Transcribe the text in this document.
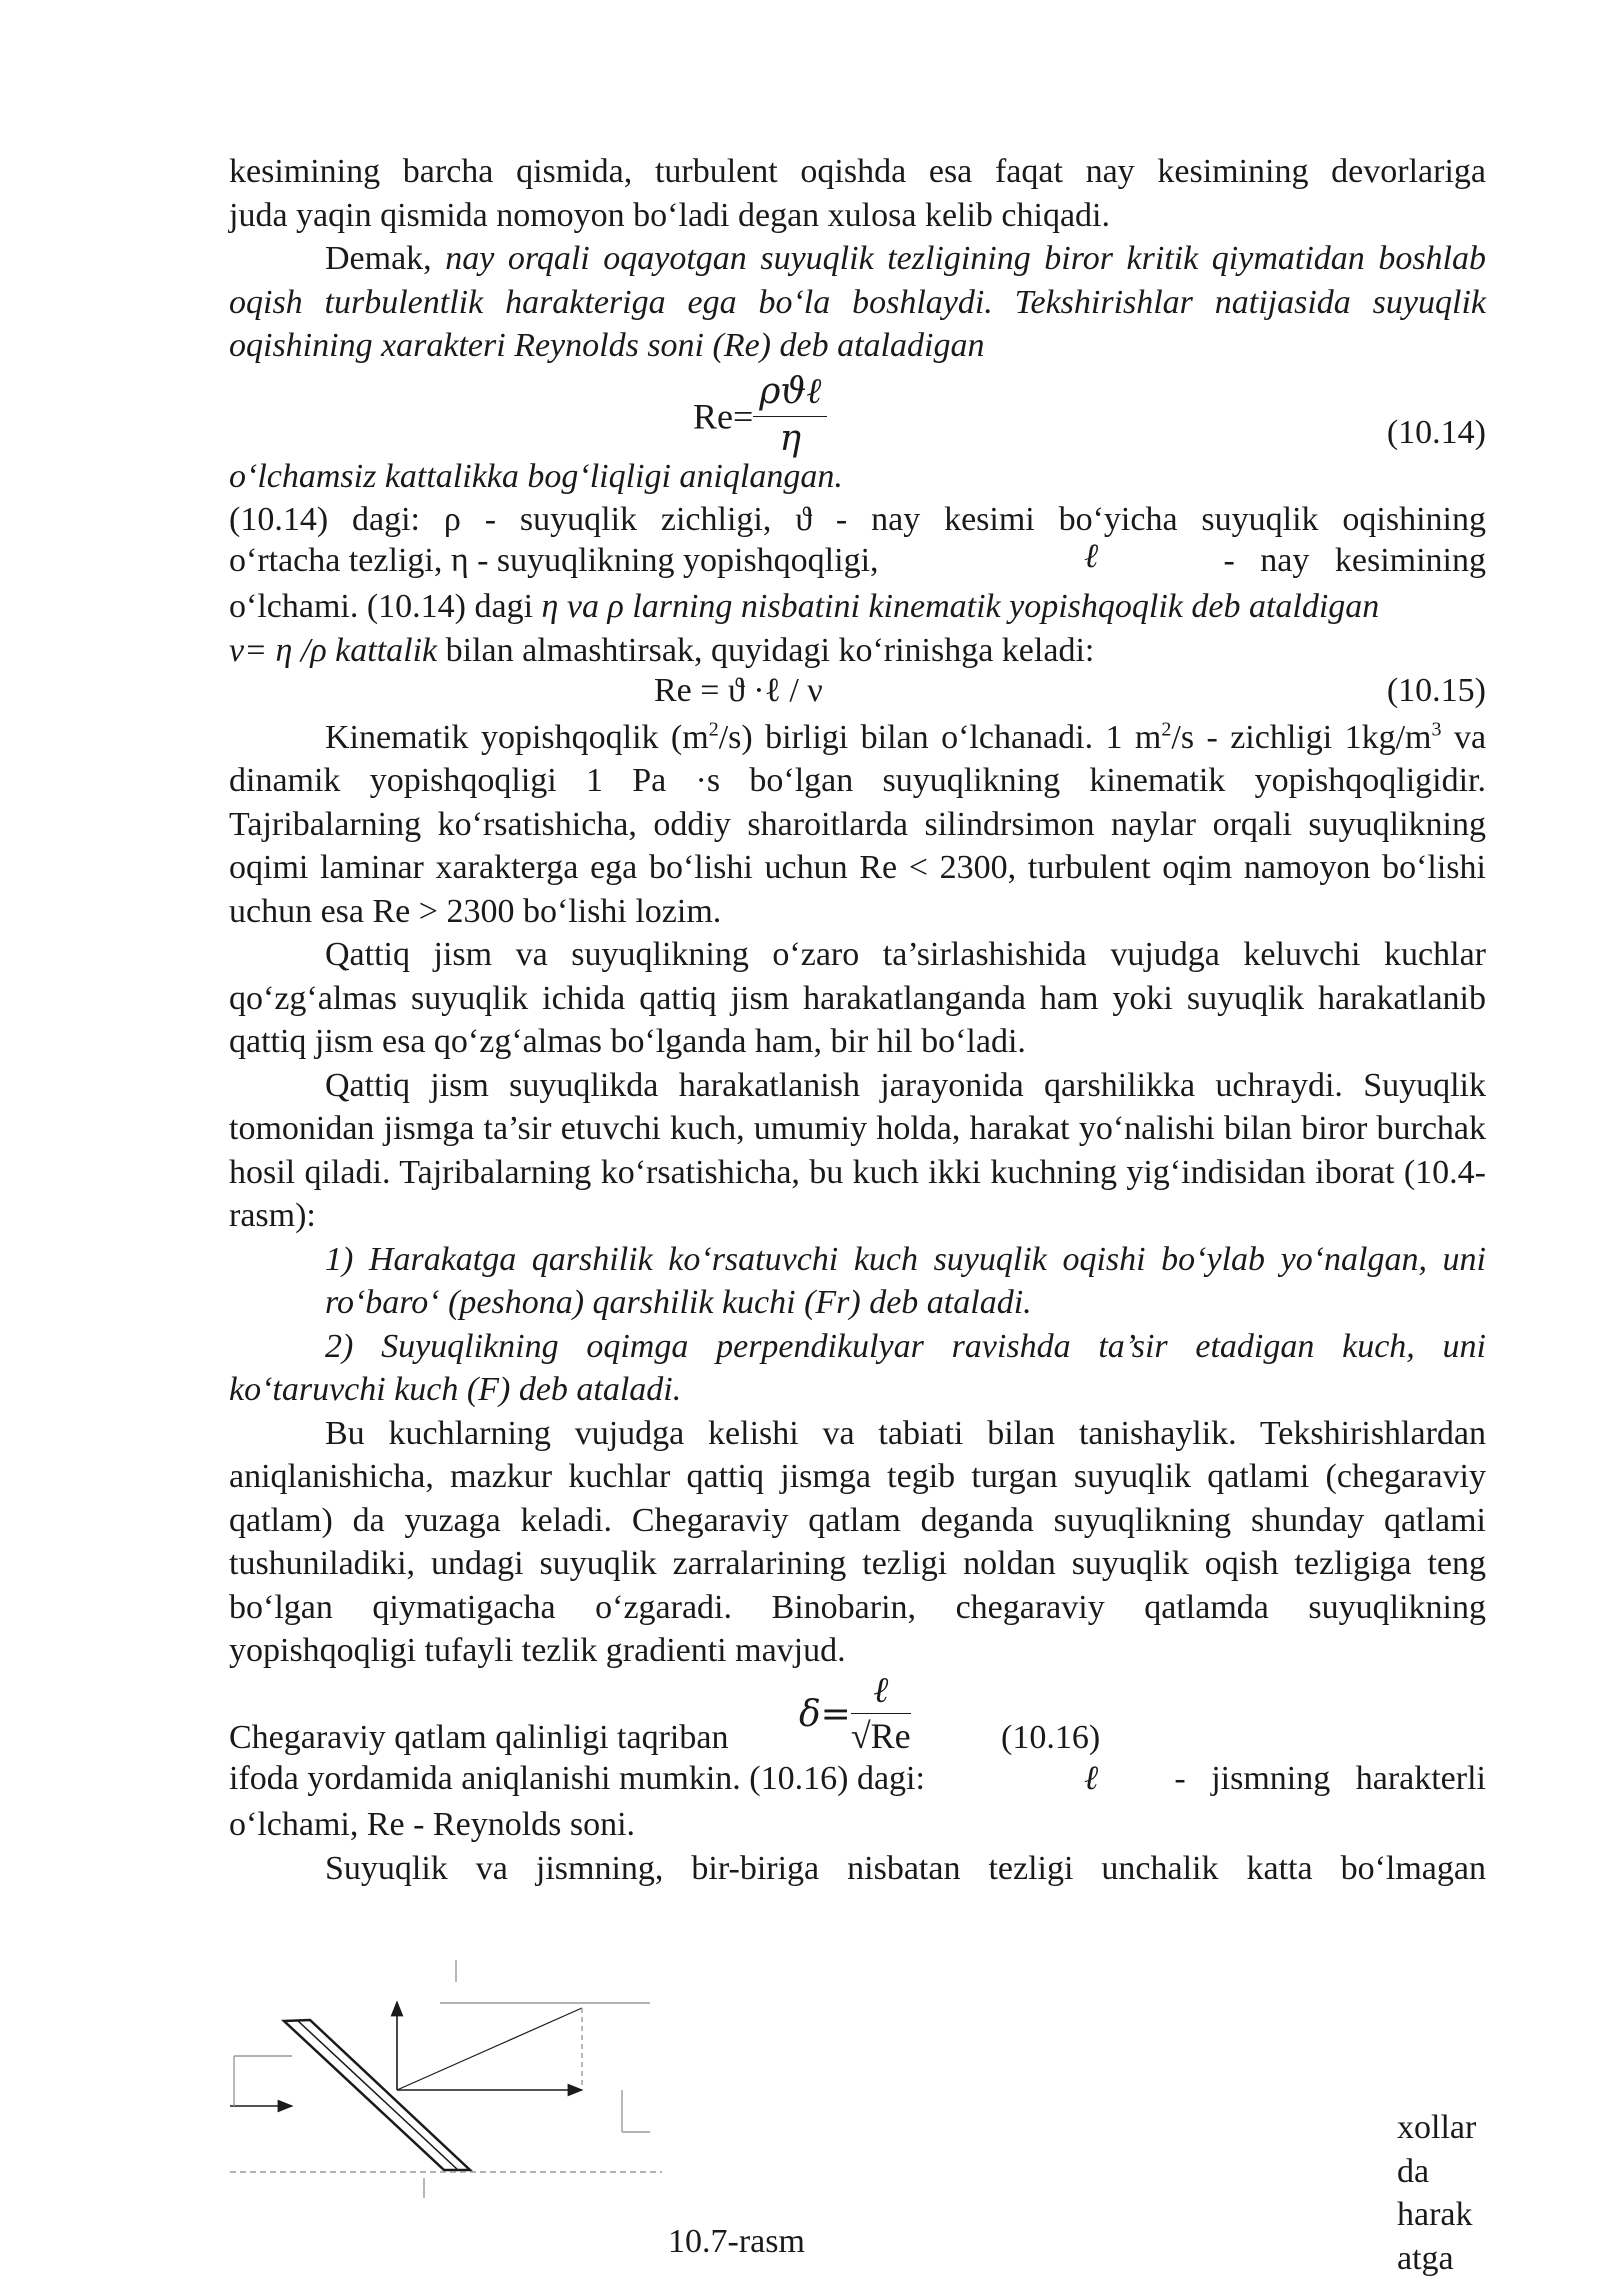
kesimining barcha qismida, turbulent oqishda esa faqat nay kesimining devorlariga

juda yaqin qismida nomoyon bo‘ladi degan xulosa kelib chiqadi.

Demak, nay orqali oqayotgan suyuqlik tezligining biror kritik qiymatidan boshlab oqish turbulentlik harakteriga ega bo‘la boshlaydi. Tekshirishlar natijasida suyuqlik oqishining xarakteri Reynolds soni (Re) deb ataladigan

$Re= \frac{\text{ρϑℓ}}{\eta}$	(10.14)

o‘lchamsiz kattalikka bog‘liqligi aniqlangan.

(10.14) dagi: ρ - suyuqlik zichligi, ϑ - nay kesimi bo‘yicha suyuqlik oqishining

o‘rtacha tezligi, η - suyuqlikning yopishqoqligi,	ℓ	-   nay   kesimining

o‘lchami. (10.14) dagi η va ρ larning nisbatini kinematik yopishqoqlik deb ataldigan

ν= η /ρ kattalik bilan almashtirsak, quyidagi ko‘rinishga keladi:

Re = ϑ ·ℓ / ν	(10.15)

Kinematik yopishqoqlik $(m^2/s)$ birligi bilan o‘lchanadi. 1 $m^2/s$ - zichligi $1kg/m^3$ va dinamik yopishqoqligi 1 Pa ·s bo‘lgan suyuqlikning kinematik yopishqoqligidir. Tajribalarning ko‘rsatishicha, oddiy sharoitlarda silindrsimon naylar orqali suyuqlikning oqimi laminar xarakterga ega bo‘lishi uchun Re < 2300, turbulent oqim namoyon bo‘lishi uchun esa Re > 2300 bo‘lishi lozim.

Qattiq jism va suyuqlikning o‘zaro ta’sirlashishida vujudga keluvchi kuchlar qo‘zg‘almas suyuqlik ichida qattiq jism harakatlanganda ham yoki suyuqlik harakatlanib qattiq jism esa qo‘zg‘almas bo‘lganda ham, bir hil bo‘ladi.

Qattiq jism suyuqlikda harakatlanish jarayonida qarshilikka uchraydi. Suyuqlik tomonidan jismga ta’sir etuvchi kuch, umumiy holda, harakat yo‘nalishi bilan biror burchak hosil qiladi. Tajribalarning ko‘rsatishicha, bu kuch ikki kuchning yig‘indisidan iborat (10.4-rasm):

1) Harakatga qarshilik ko‘rsatuvchi kuch suyuqlik oqishi bo‘ylab yo‘nalgan, uni ro‘baro‘ (peshona) qarshilik kuchi (Fr) deb ataladi.

2) Suyuqlikning oqimga perpendikulyar ravishda ta’sir etadigan kuch, uni ko‘taruvchi kuch (F) deb ataladi.

Bu kuchlarning vujudga kelishi va tabiati bilan tanishaylik. Tekshirishlardan aniqlanishicha, mazkur kuchlar qattiq jismga tegib turgan suyuqlik qatlami (chegaraviy qatlam) da yuzaga keladi. Chegaraviy qatlam deganda suyuqlikning shunday qatlami tushuniladiki, undagi suyuqlik zarralarining tezligi noldan suyuqlik oqish tezligiga teng bo‘lgan qiymatigacha o‘zgaradi. Binobarin, chegaraviy qatlamda suyuqlikning yopishqoqligi tufayli tezlik gradienti mavjud.

Chegaraviy qatlam qalinligi taqriban
$\delta= \frac{\text{ℓ}}{√Re}$	(10.16)
ifoda yordamida aniqlanishi mumkin. (10.16) dagi:	ℓ -   jismning   harakterli

o‘lchami, Re - Reynolds soni.

Suyuqlik va jismning, bir-biriga nisbatan tezligi unchalik katta bo‘lmagan

xollar
da
harak
atga
10.7-rasm
